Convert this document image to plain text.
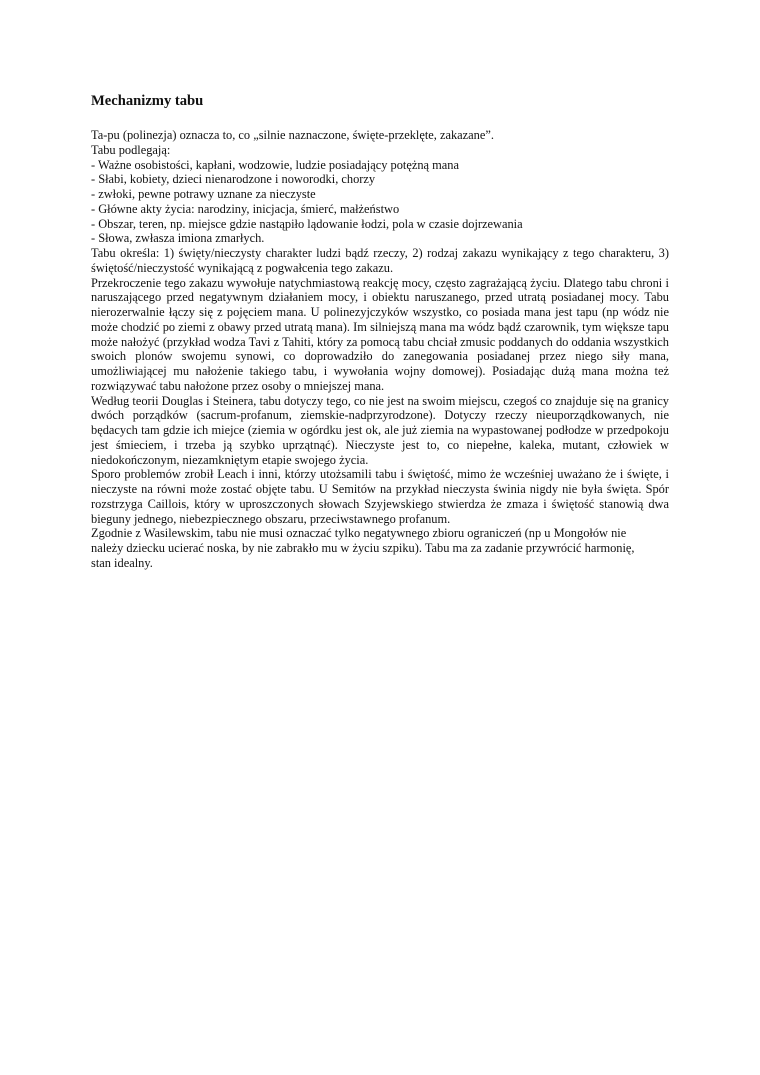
Mechanizmy tabu

Ta-pu (polinezja) oznacza to, co „silnie naznaczone, święte-przeklęte, zakazane”.

Tabu podlegają:

- Ważne osobistości, kapłani, wodzowie, ludzie posiadający potężną mana
- Słabi, kobiety, dzieci nienarodzone i noworodki, chorzy
- zwłoki, pewne potrawy uznane za nieczyste
- Główne akty życia: narodziny, inicjacja, śmierć, małżeństwo
- Obszar, teren, np. miejsce gdzie nastąpiło lądowanie łodzi, pola w czasie dojrzewania
- Słowa, zwłasza imiona zmarłych.

Tabu określa: 1) święty/nieczysty charakter ludzi bądź rzeczy, 2) rodzaj zakazu wynikający z tego charakteru, 3) świętość/nieczystość wynikającą z pogwałcenia tego zakazu.

Przekroczenie tego zakazu wywołuje natychmiastową reakcję mocy, często zagrażającą życiu. Dlatego tabu chroni i naruszającego przed negatywnym działaniem mocy, i obiektu naruszanego, przed utratą posiadanej mocy. Tabu nierozerwalnie łączy się z pojęciem mana. U polinezyjczyków wszystko, co posiada mana jest tapu (np wódz nie może chodzić po ziemi z obawy przed utratą mana). Im silniejszą mana ma wódz bądź czarownik, tym większe tapu może nałożyć (przykład wodza Tavi z Tahiti, który za pomocą tabu chciał zmusic poddanych do oddania wszystkich swoich plonów swojemu synowi, co doprowadziło do zanegowania posiadanej przez niego siły mana, umożliwiającej mu nałożenie takiego tabu, i wywołania wojny domowej). Posiadając dużą mana można też rozwiązywać tabu nałożone przez osoby o mniejszej mana.

Według teorii Douglas i Steinera, tabu dotyczy tego, co nie jest na swoim miejscu, czegoś co znajduje się na granicy dwóch porządków (sacrum-profanum, ziemskie-nadprzyrodzone). Dotyczy rzeczy nieuporządkowanych, nie będacych tam gdzie ich miejce (ziemia w ogórdku jest ok, ale już ziemia na wypastowanej podłodze w przedpokoju jest śmieciem, i trzeba ją szybko uprzątnąć). Nieczyste jest to, co niepełne, kaleka, mutant, człowiek w niedokończonym, niezamkniętym etapie swojego życia.

Sporo problemów zrobił Leach i inni, którzy utożsamili tabu i świętość, mimo że wcześniej uważano że i święte, i nieczyste na równi może zostać objęte tabu. U Semitów na przykład nieczysta świnia nigdy nie była święta. Spór rozstrzyga Caillois, który w uproszczonych słowach Szyjewskiego stwierdza że zmaza i świętość stanowią dwa bieguny jednego, niebezpiecznego obszaru, przeciwstawnego profanum.

Zgodnie z Wasilewskim, tabu nie musi oznaczać tylko negatywnego zbioru ograniczeń (np u Mongołów nie
należy dziecku ucierać noska, by nie zabrakło mu w życiu szpiku). Tabu ma za zadanie przywrócić harmonię,
stan idealny.
